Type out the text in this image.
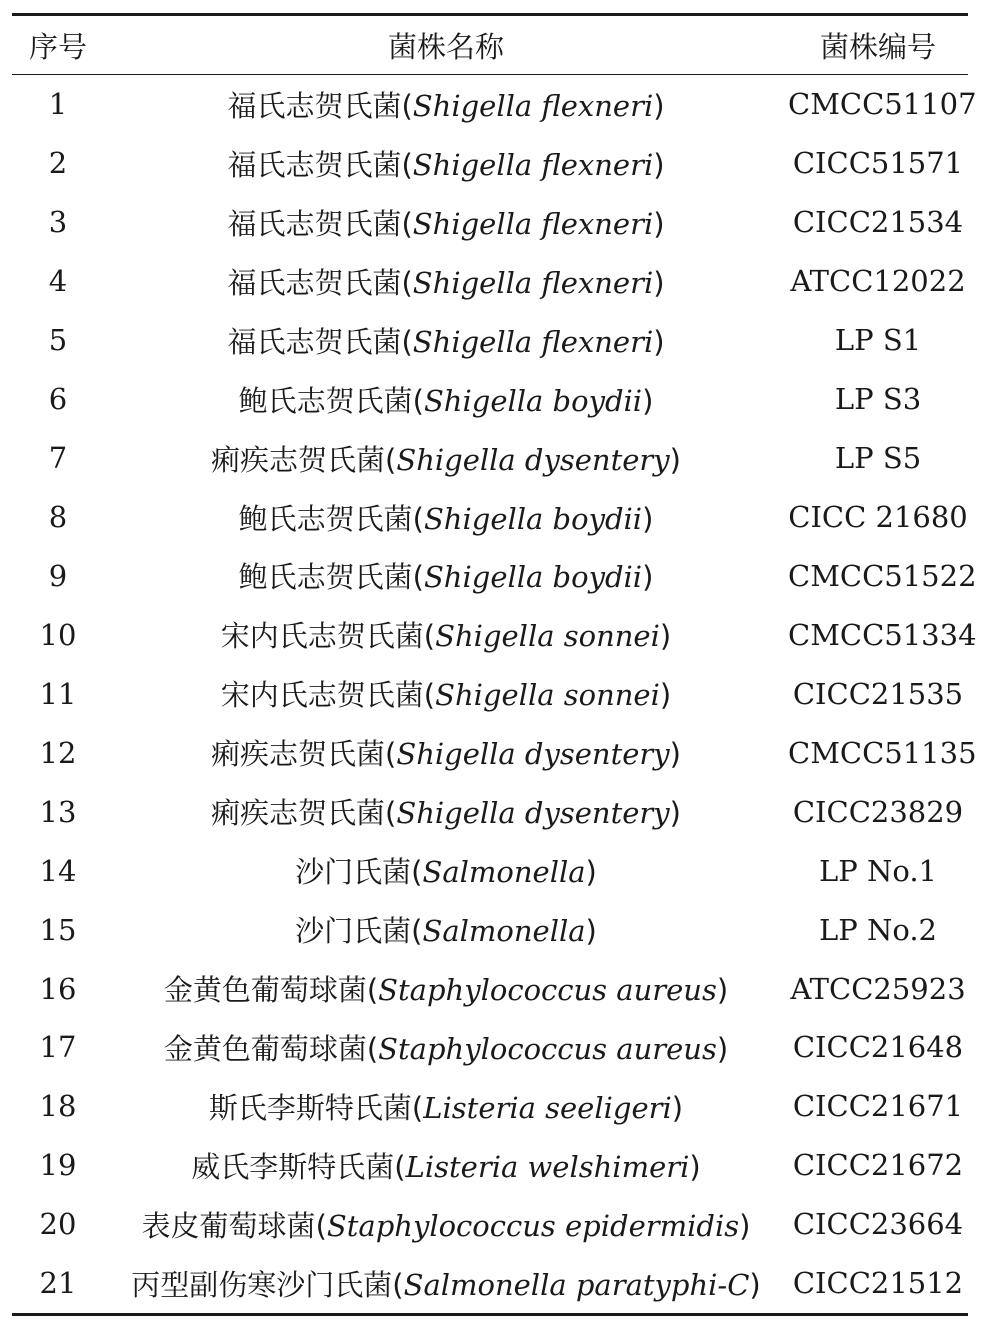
序号	菌株名称	菌株编号
1	福氏志贺氏菌(Shigella flexneri)	CMCC51107
2	福氏志贺氏菌(Shigella flexneri)	CICC51571
3	福氏志贺氏菌(Shigella flexneri)	CICC21534
4	福氏志贺氏菌(Shigella flexneri)	ATCC12022
5	福氏志贺氏菌(Shigella flexneri)	LP S1
6	鲍氏志贺氏菌(Shigella boydii)	LP S3
7	痢疾志贺氏菌(Shigella dysentery)	LP S5
8	鲍氏志贺氏菌(Shigella boydii)	CICC 21680
9	鲍氏志贺氏菌(Shigella boydii)	CMCC51522
10	宋内氏志贺氏菌(Shigella sonnei)	CMCC51334
11	宋内氏志贺氏菌(Shigella sonnei)	CICC21535
12	痢疾志贺氏菌(Shigella dysentery)	CMCC51135
13	痢疾志贺氏菌(Shigella dysentery)	CICC23829
14	沙门氏菌(Salmonella)	LP No.1
15	沙门氏菌(Salmonella)	LP No.2
16	金黄色葡萄球菌(Staphylococcus aureus)	ATCC25923
17	金黄色葡萄球菌(Staphylococcus aureus)	CICC21648
18	斯氏李斯特氏菌(Listeria seeligeri)	CICC21671
19	威氏李斯特氏菌(Listeria welshimeri)	CICC21672
20	表皮葡萄球菌(Staphylococcus epidermidis)	CICC23664
21	丙型副伤寒沙门氏菌(Salmonella paratyphi-C)	CICC21512
